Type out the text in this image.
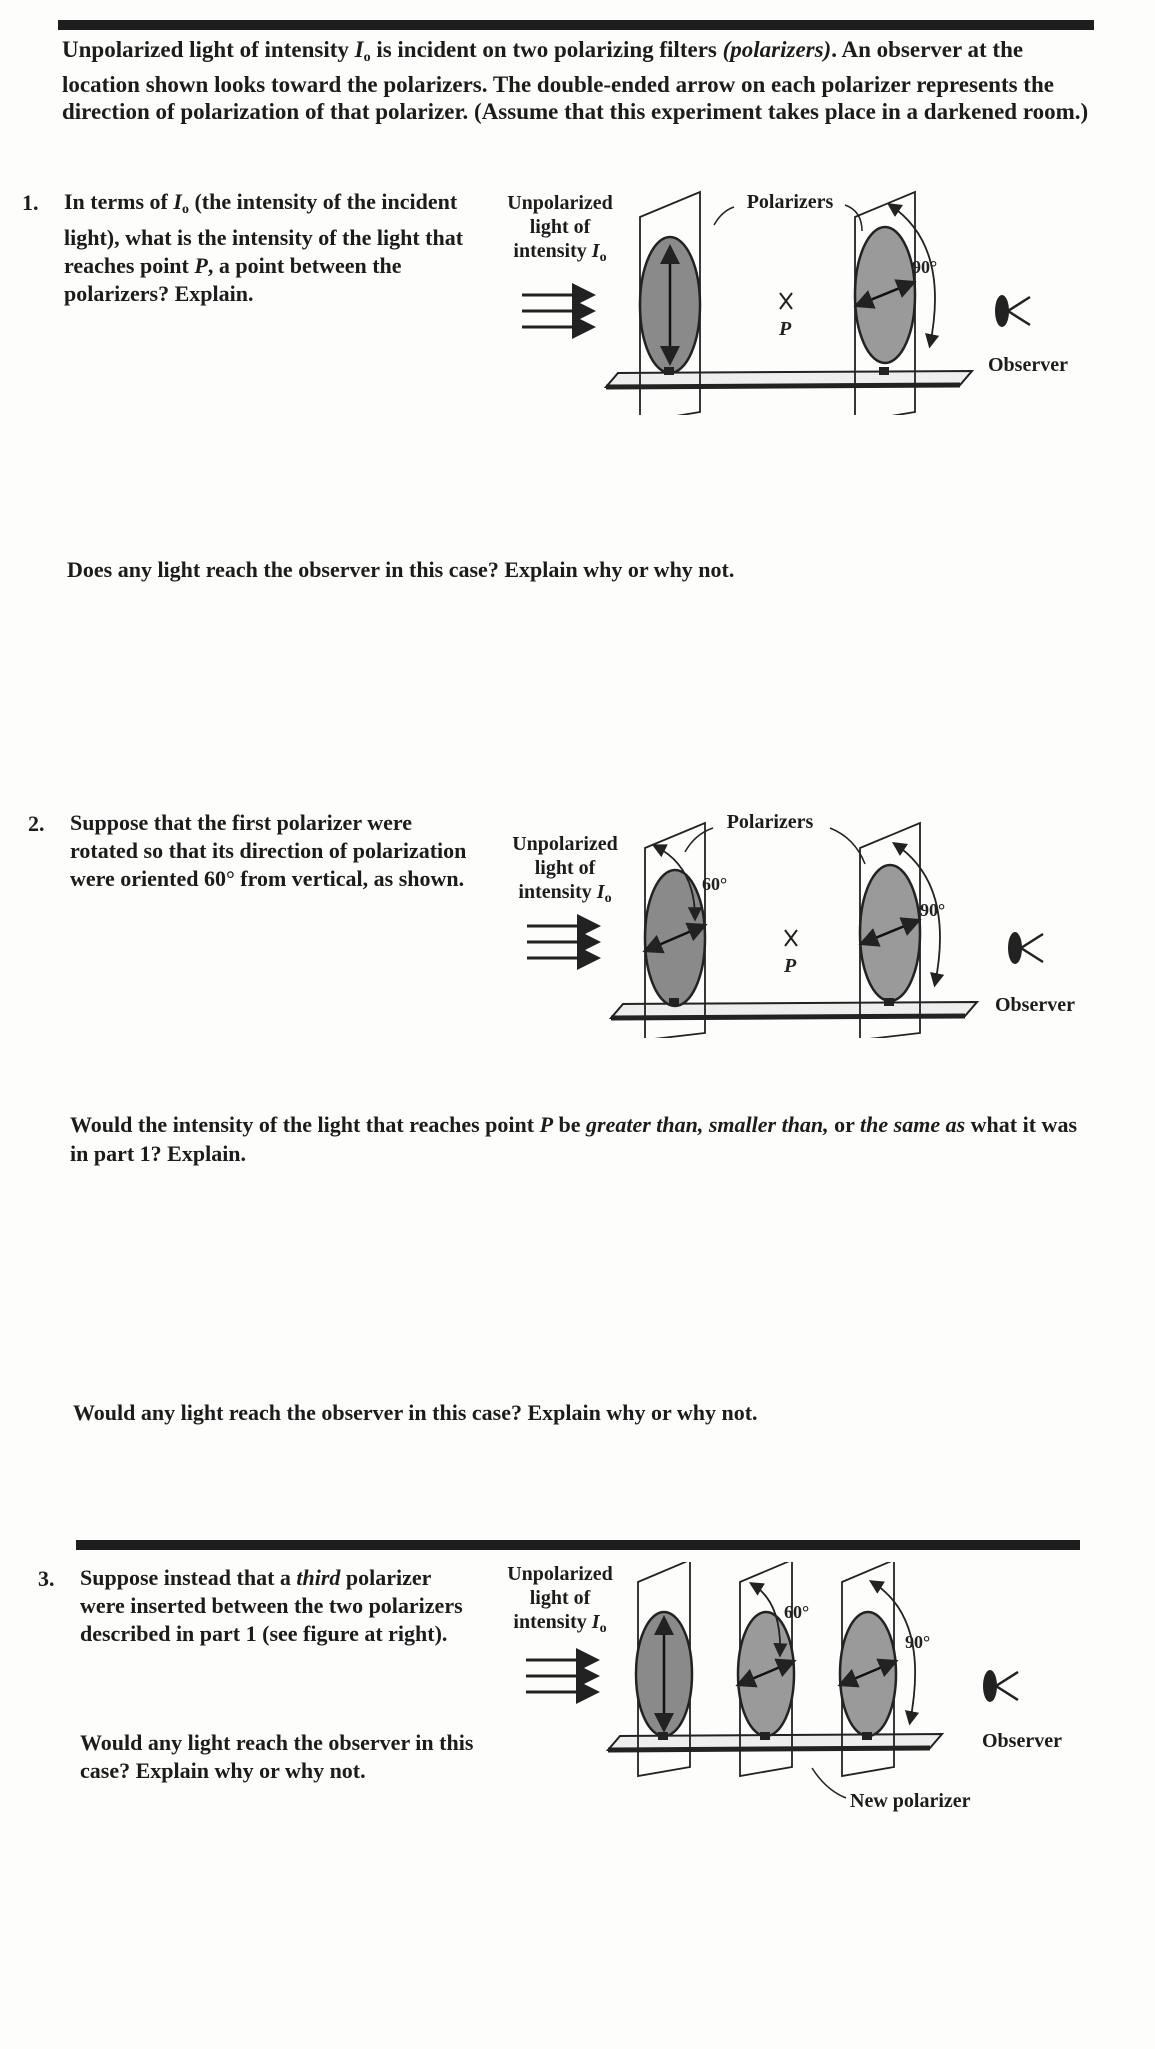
Unpolarized light of intensity $I_o$ is incident on two polarizing filters (polarizers). An observer at the location shown looks toward the polarizers. The double-ended arrow on each polarizer represents the direction of polarization of that polarizer. (Assume that this experiment takes place in a darkened room.)
1. In terms of $I_o$ (the intensity of the incident light), what is the intensity of the light that reaches point P, a point between the polarizers? Explain.
Unpolarized
light of
intensity $I_o$
Polarizers
Observer
P
90°
Does any light reach the observer in this case? Explain why or why not.
2. Suppose that the first polarizer were rotated so that its direction of polarization were oriented 60° from vertical, as shown.
Unpolarized
light of
intensity $I_o$
Polarizers
Observer
60°
P
90°
Would the intensity of the light that reaches point P be greater than, smaller than, or the same as what it was in part 1? Explain.
Would any light reach the observer in this case? Explain why or why not.
3. Suppose instead that a third polarizer were inserted between the two polarizers described in part 1 (see figure at right).
Would any light reach the observer in this case? Explain why or why not.
Unpolarized
light of
intensity $I_o$
Observer
New polarizer
60°
90°
